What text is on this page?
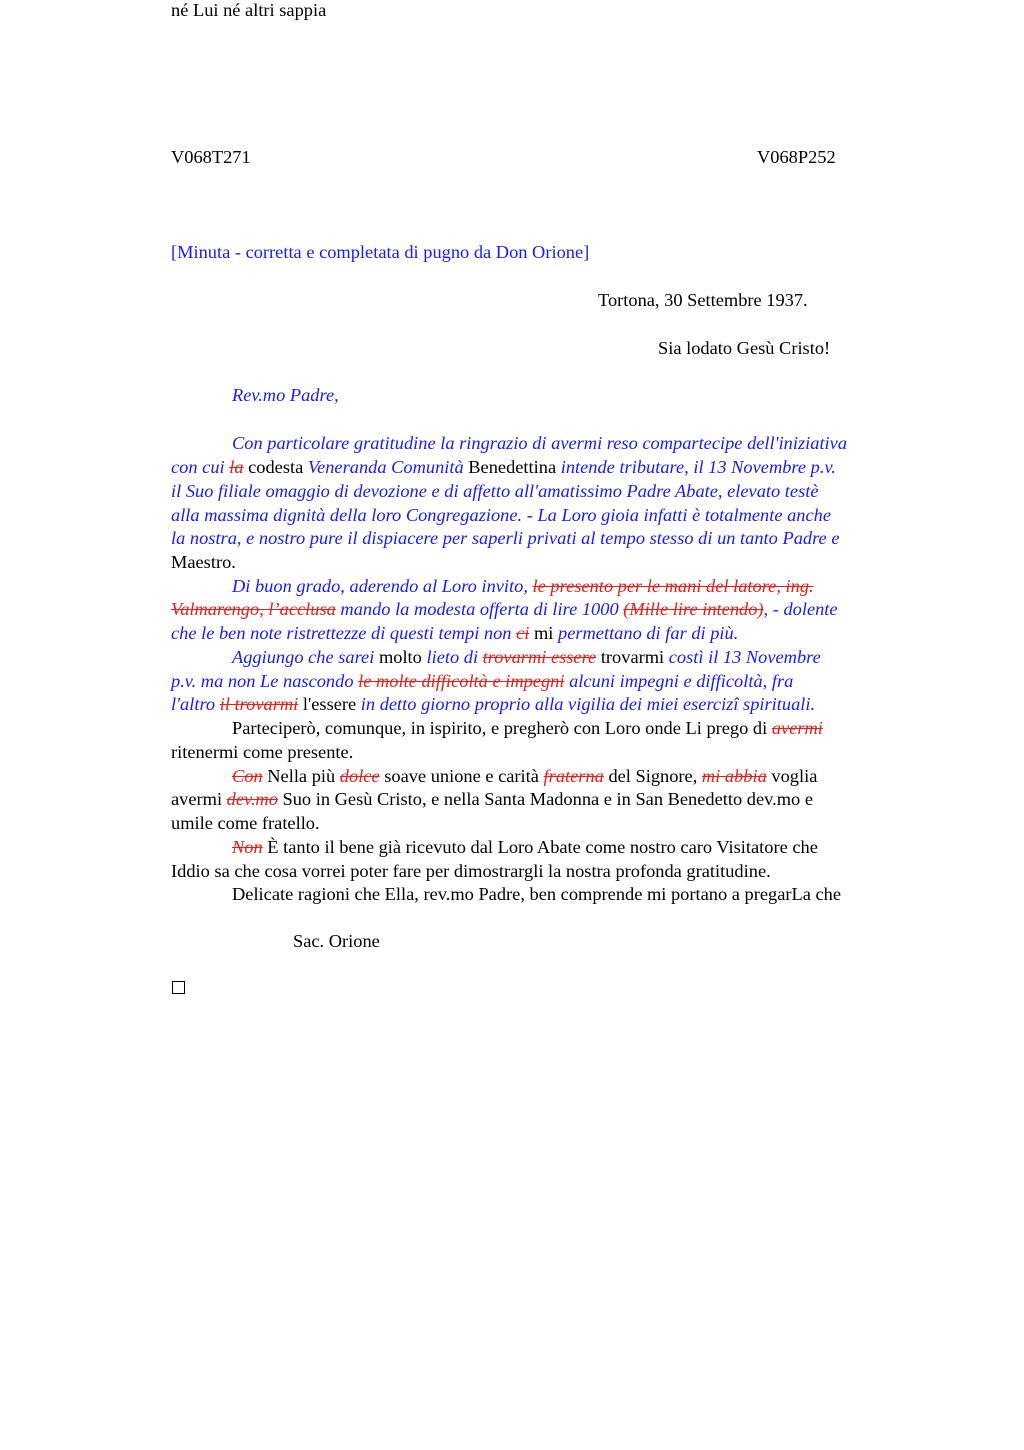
V068T271	V068P252
[Minuta - corretta e completata di pugno da Don Orione]
Tortona, 30 Settembre 1937.
Sia lodato Gesù Cristo!
Rev.mo Padre,
Con particolare gratitudine la ringrazio di avermi reso compartecipe dell'iniziativa
con cui la codesta Veneranda Comunità Benedettina intende tributare, il 13 Novembre p.v.
il Suo filiale omaggio di devozione e di affetto all'amatissimo Padre Abate, elevato testè
alla massima dignità della loro Congregazione. - La Loro gioia infatti è totalmente anche
la nostra, e nostro pure il dispiacere per saperli privati al tempo stesso di un tanto Padre e
Maestro.
Di buon grado, aderendo al Loro invito, le presento per le mani del latore, ing.
Valmarengo, l’acclusa mando la modesta offerta di lire 1000 (Mille lire intendo), - dolente
che le ben note ristrettezze di questi tempi non ci mi permettano di far di più.
Aggiungo che sarei molto lieto di trovarmi essere trovarmi costì il 13 Novembre
p.v. ma non Le nascondo le molte difficoltà e impegni alcuni impegni e difficoltà, fra
l'altro il trovarmi l'essere in detto giorno proprio alla vigilia dei miei esercizî spirituali.
Parteciperò, comunque, in ispirito, e pregherò con Loro onde Li prego di avermi
ritenermi come presente.
Con Nella più dolce soave unione e carità fraterna del Signore, mi abbia voglia
avermi dev.mo Suo in Gesù Cristo, e nella Santa Madonna e in San Benedetto dev.mo e
umile come fratello.
Non È tanto il bene già ricevuto dal Loro Abate come nostro caro Visitatore che
Iddio sa che cosa vorrei poter fare per dimostrargli la nostra profonda gratitudine.
Delicate ragioni che Ella, rev.mo Padre, ben comprende mi portano a pregarLa che
né Lui né altri sappia
Sac. Orione
